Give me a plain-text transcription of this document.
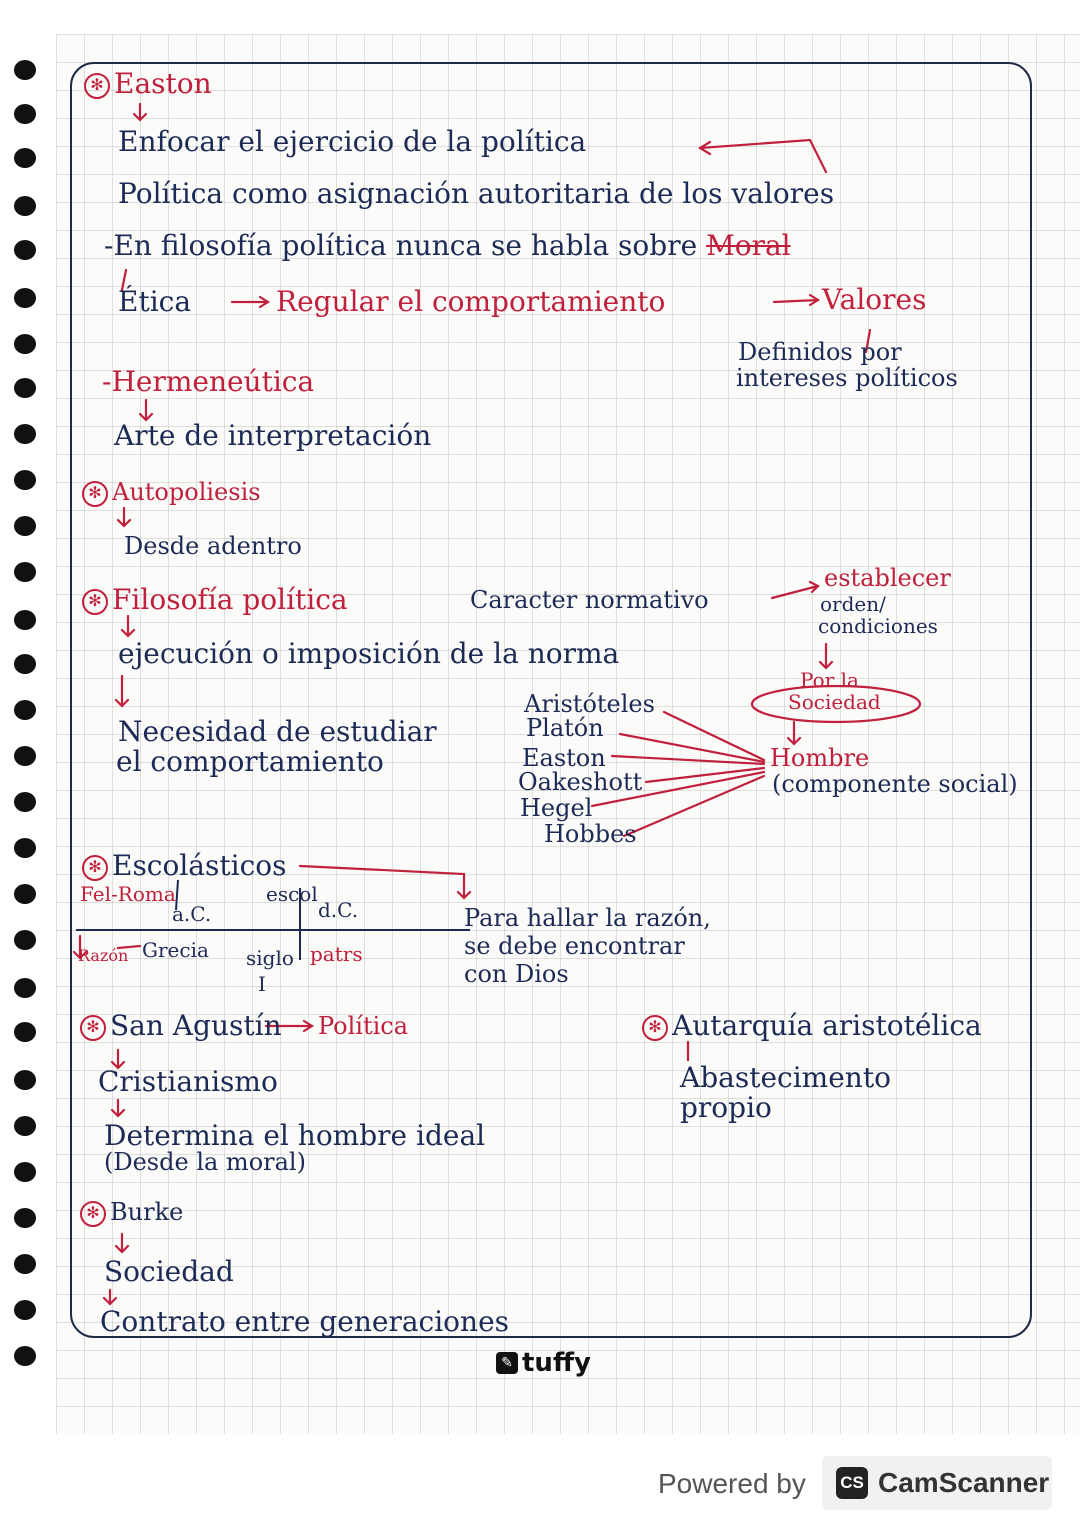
✻ Easton
Enfocar el ejercicio de la política
Política como asignación autoritaria de los valores
-En filosofía política nunca se habla sobre Moral
Ética	Regular el comportamiento	Valores
Definidos por
intereses políticos
-Hermeneútica
Arte de interpretación
✻ Autopoliesis
Desde adentro
✻ Filosofía política	Caracter normativo
establecer
orden/
condiciones
ejecución o imposición de la norma
Por la
Sociedad
Necesidad de estudiar
el comportamiento
Aristóteles
Platón
Easton
Oakeshott
Hegel
Hobbes
Hombre
(componente social)
✻ Escolásticos
Fel-Roma
a.C.
escol
d.C.
Razón Grecia siglo patrs
I
Para hallar la razón,
se debe encontrar
con Dios
✻ San Agustín Política
Cristianismo
Determina el hombre ideal
(Desde la moral)
✻ Autarquía aristotélica
Abastecimento
propio
✻ Burke
Sociedad
Contrato entre generaciones
✎ tuffy
Powered by CS CamScanner
